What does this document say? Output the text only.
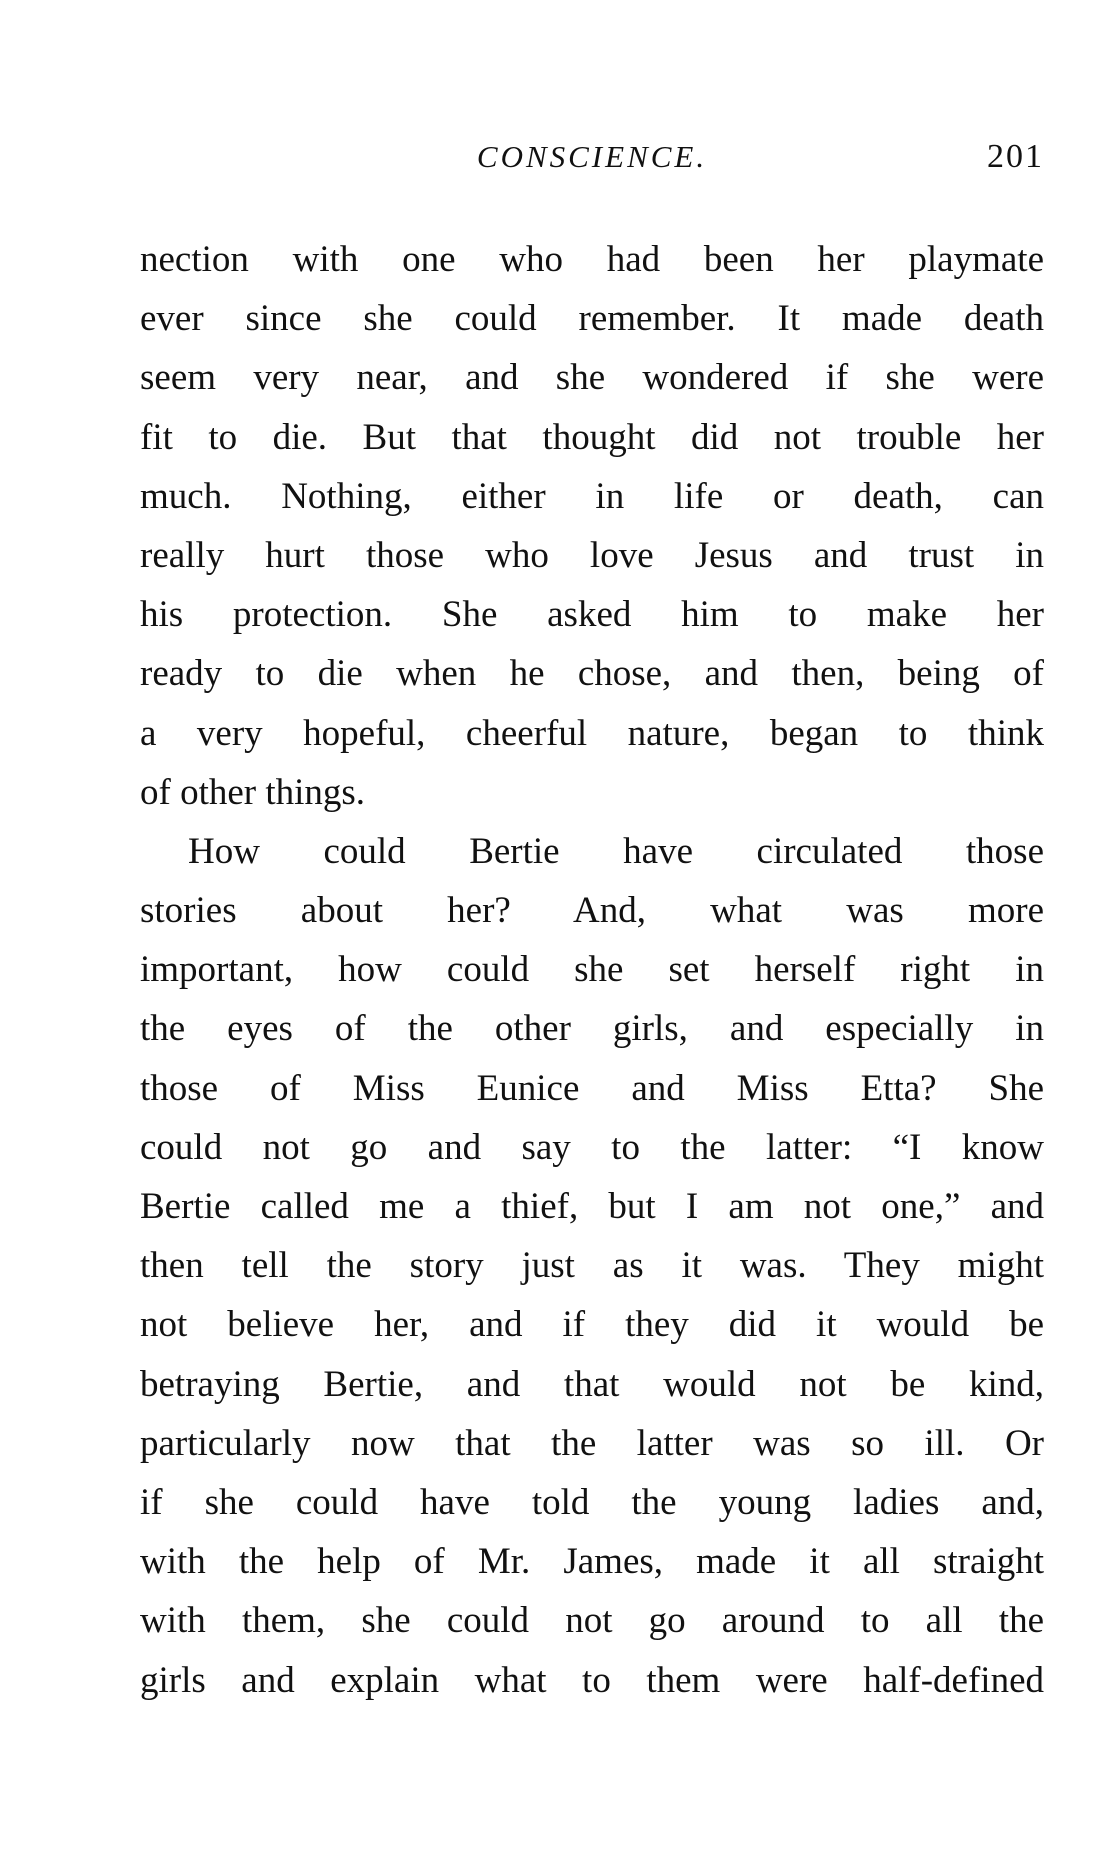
CONSCIENCE.	201
nection with one who had been her playmate
ever since she could remember. It made death
seem very near, and she wondered if she were
fit to die. But that thought did not trouble her
much. Nothing, either in life or death, can
really hurt those who love Jesus and trust in
his protection. She asked him to make her
ready to die when he chose, and then, being of
a very hopeful, cheerful nature, began to think
of other things.
How could Bertie have circulated those
stories about her? And, what was more
important, how could she set herself right in
the eyes of the other girls, and especially in
those of Miss Eunice and Miss Etta? She
could not go and say to the latter: “I know
Bertie called me a thief, but I am not one,” and
then tell the story just as it was. They might
not believe her, and if they did it would be
betraying Bertie, and that would not be kind,
particularly now that the latter was so ill. Or
if she could have told the young ladies and,
with the help of Mr. James, made it all straight
with them, she could not go around to all the
girls and explain what to them were half-defined
